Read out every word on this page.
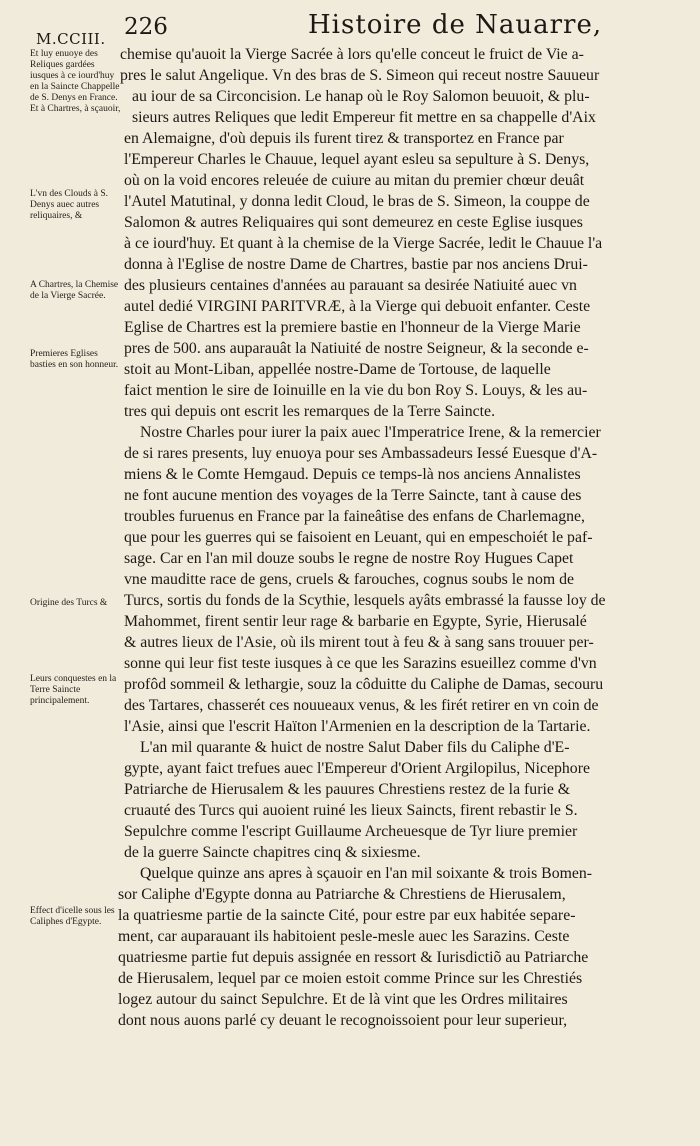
M.CCIII. 226	Histoire de Nauarre,
Et luy enuoye des Reliques gardées iusques à ce iourd'huy en la Saincte Chappelle de S. Denys en France. Et à Chartres, à sçauoir,
L'vn des Clouds à S. Denys auec autres reliquaires, &
A Chartres, la Chemise de la Vierge Sacrée.
Premieres Eglises basties en son honneur.
Origine des Turcs &
Leurs conquestes en la Terre Saincte principalement.
Effect d'icelle sous les Caliphes d'Egypte.
chemise qu'auoit la Vierge Sacrée à lors qu'elle conceut le fruict de Vie a-
pres le salut Angelique. Vn des bras de S. Simeon qui receut nostre Sauueur
au iour de sa Circoncision. Le hanap où le Roy Salomon beuuoit, & plu-
sieurs autres Reliques que ledit Empereur fit mettre en sa chappelle d'Aix
en Alemaigne, d'où depuis ils furent tirez & transportez en France par
l'Empereur Charles le Chauue, lequel ayant esleu sa sepulture à S. Denys,
où on la void encores releuée de cuiure au mitan du premier chœur deuât
l'Autel Matutinal, y donna ledit Cloud, le bras de S. Simeon, la couppe de
Salomon & autres Reliquaires qui sont demeurez en ceste Eglise iusques
à ce iourd'huy. Et quant à la chemise de la Vierge Sacrée, ledit le Chauue l'a
donna à l'Eglise de nostre Dame de Chartres, bastie par nos anciens Drui-
des plusieurs centaines d'années au parauant sa desirée Natiuité auec vn
autel dedié VIRGINI PARITVRÆ, à la Vierge qui debuoit enfanter. Ceste
Eglise de Chartres est la premiere bastie en l'honneur de la Vierge Marie
pres de 500. ans auparauât la Natiuité de nostre Seigneur, & la seconde e-
stoit au Mont-Liban, appellée nostre-Dame de Tortouse, de laquelle
faict mention le sire de Ioinuille en la vie du bon Roy S. Louys, & les au-
tres qui depuis ont escrit les remarques de la Terre Saincte.
Nostre Charles pour iurer la paix auec l'Imperatrice Irene, & la remercier
de si rares presents, luy enuoya pour ses Ambassadeurs Iessé Euesque d'A-
miens & le Comte Hemgaud. Depuis ce temps-là nos anciens Annalistes
ne font aucune mention des voyages de la Terre Saincte, tant à cause des
troubles furuenus en France par la faineâtise des enfans de Charlemagne,
que pour les guerres qui se faisoient en Leuant, qui en empeschoiét le paf-
sage. Car en l'an mil douze soubs le regne de nostre Roy Hugues Capet
vne mauditte race de gens, cruels & farouches, cognus soubs le nom de
Turcs, sortis du fonds de la Scythie, lesquels ayâts embrassé la fausse loy de
Mahommet, firent sentir leur rage & barbarie en Egypte, Syrie, Hierusalé
& autres lieux de l'Asie, où ils mirent tout à feu & à sang sans trouuer per-
sonne qui leur fist teste iusques à ce que les Sarazins esueillez comme d'vn
profôd sommeil & lethargie, souz la côduitte du Caliphe de Damas, secouru
des Tartares, chasserét ces nouueaux venus, & les firét retirer en vn coin de
l'Asie, ainsi que l'escrit Haïton l'Armenien en la description de la Tartarie.
L'an mil quarante & huict de nostre Salut Daber fils du Caliphe d'E-
gypte, ayant faict trefues auec l'Empereur d'Orient Argilopilus, Nicephore
Patriarche de Hierusalem & les pauures Chrestiens restez de la furie &
cruauté des Turcs qui auoient ruiné les lieux Saincts, firent rebastir le S.
Sepulchre comme l'escript Guillaume Archeuesque de Tyr liure premier
de la guerre Saincte chapitres cinq & sixiesme.
Quelque quinze ans apres à sçauoir en l'an mil soixante & trois Bomen-
sor Caliphe d'Egypte donna au Patriarche & Chrestiens de Hierusalem,
la quatriesme partie de la saincte Cité, pour estre par eux habitée separe-
ment, car auparauant ils habitoient pesle-mesle auec les Sarazins. Ceste
quatriesme partie fut depuis assignée en ressort & Iurisdictiõ au Patriarche
de Hierusalem, lequel par ce moien estoit comme Prince sur les Chrestiés
logez autour du sainct Sepulchre. Et de là vint que les Ordres militaires
dont nous auons parlé cy deuant le recognoissoient pour leur superieur,
